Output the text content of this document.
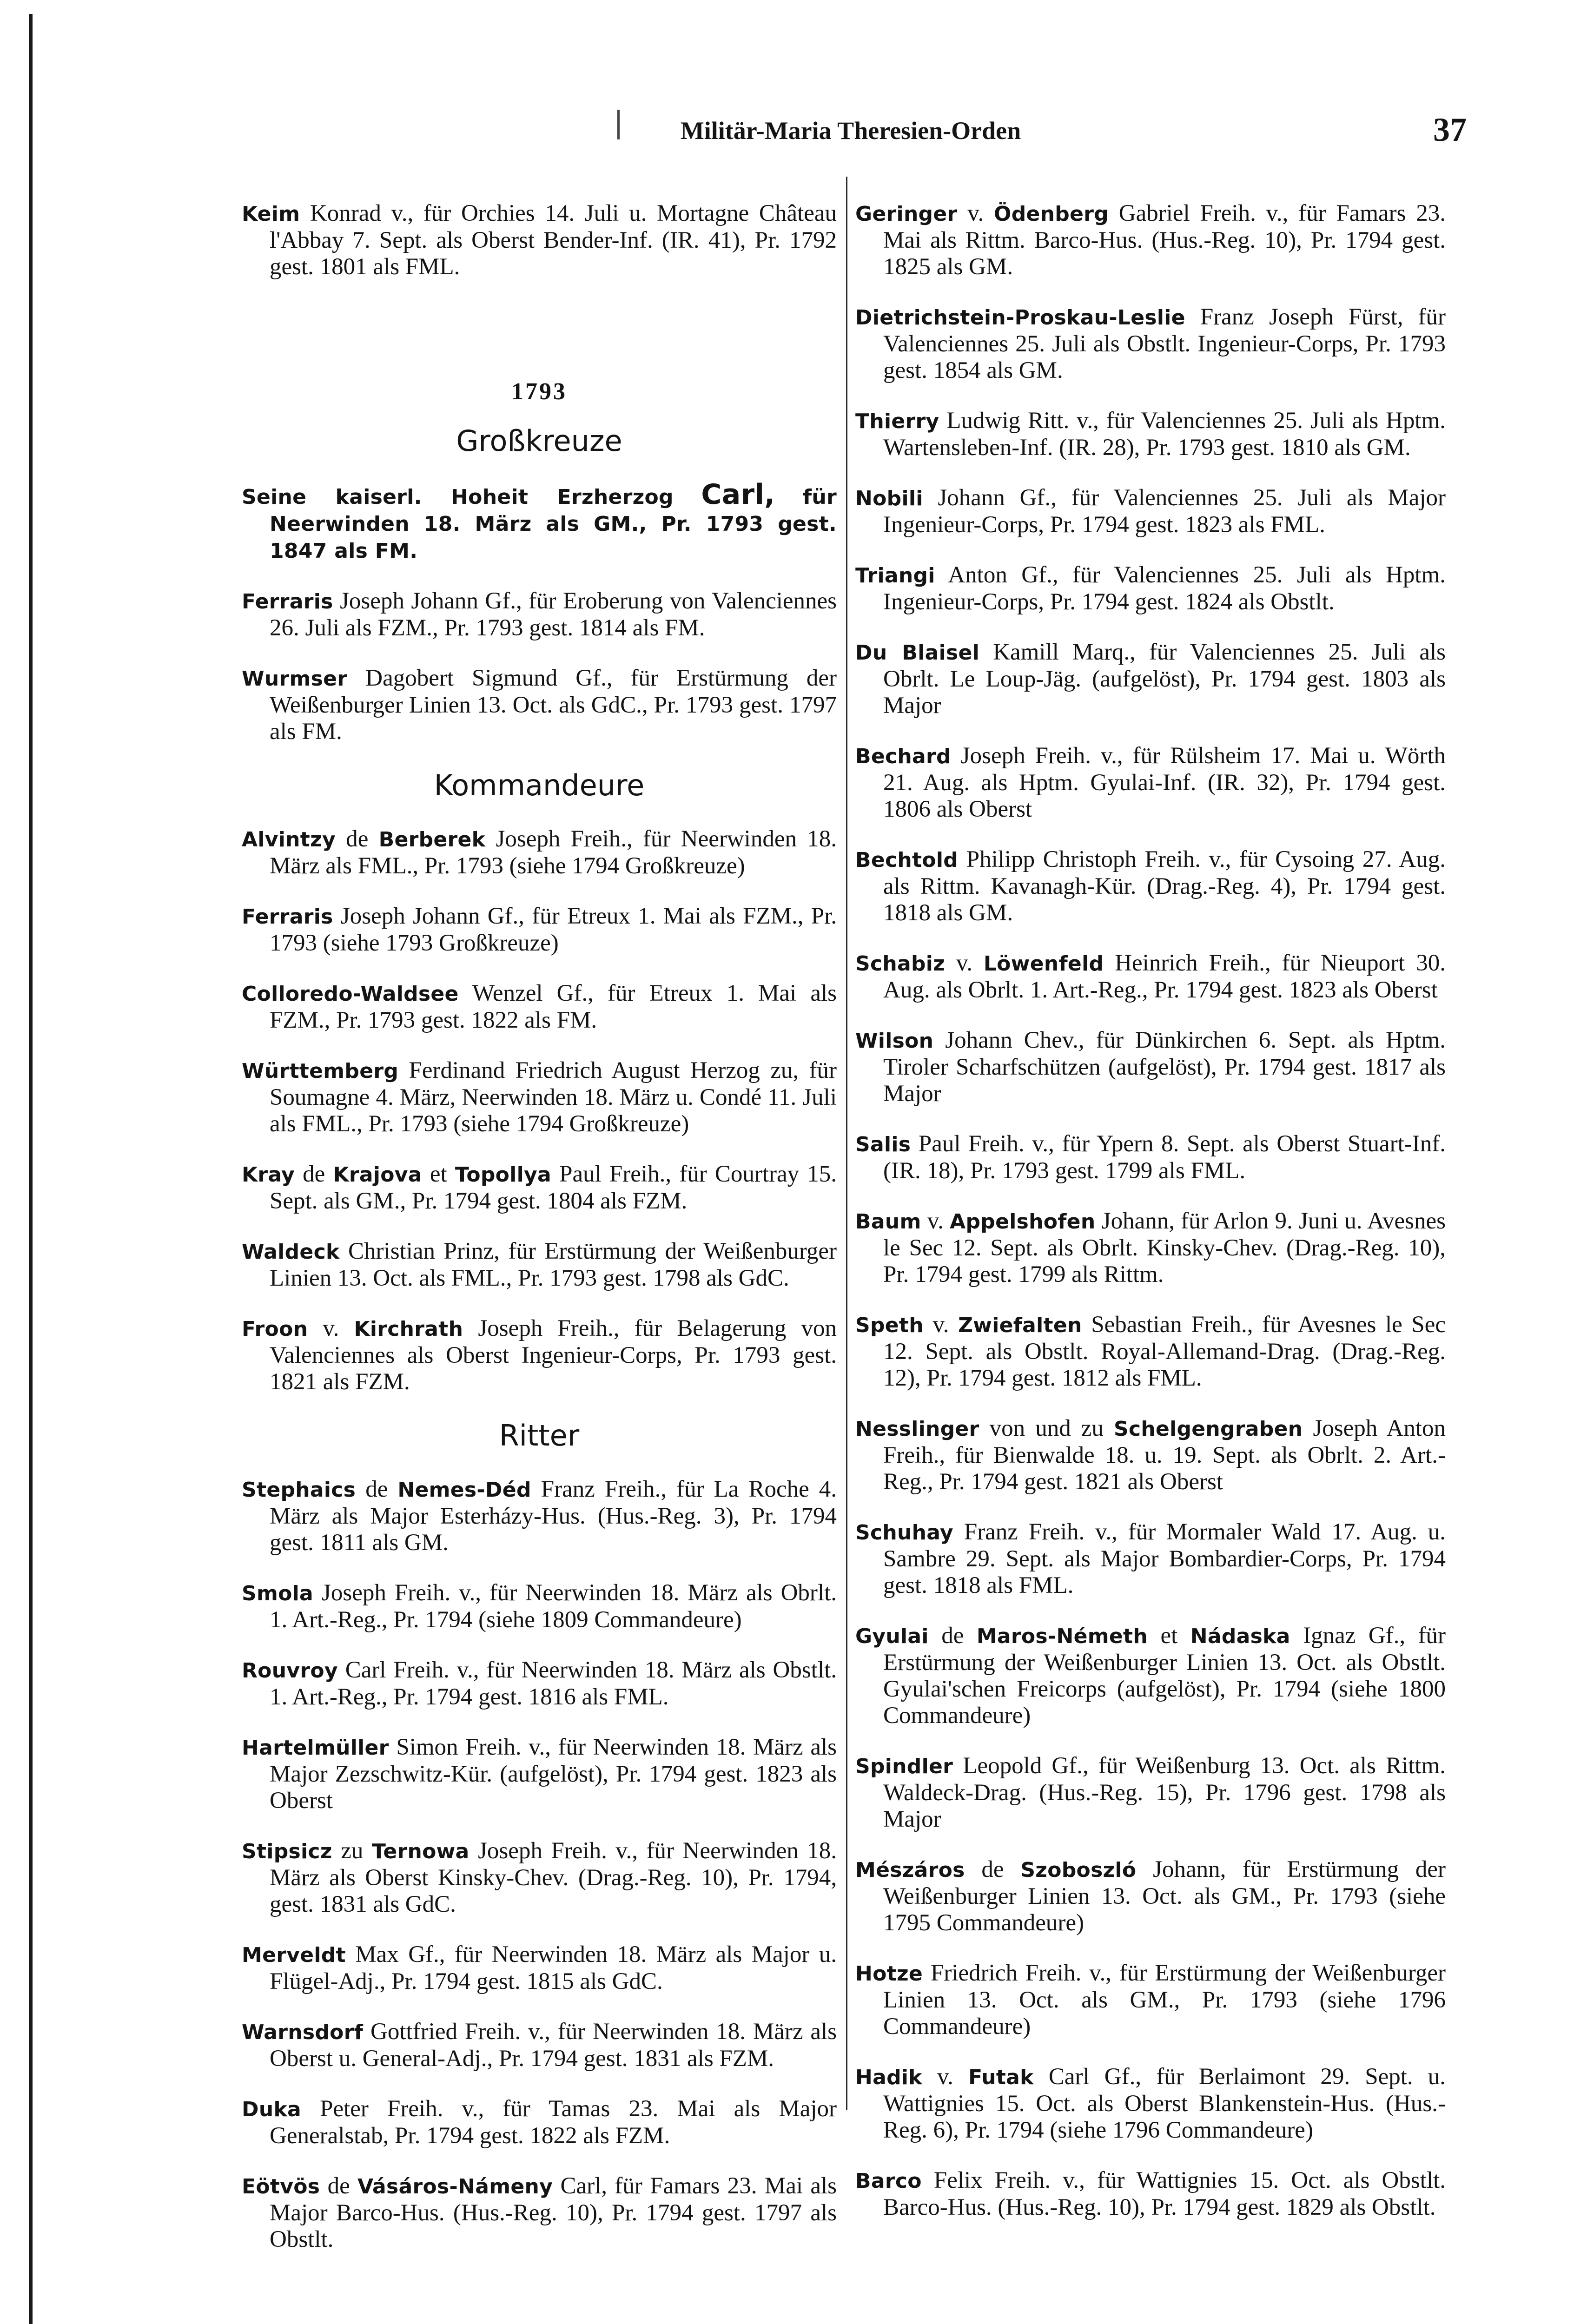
Militär-Maria Theresien-Orden	37

Keim Konrad v., für Orchies 14. Juli u. Mortagne Château l'Abbay 7. Sept. als Oberst Bender-Inf. (IR. 41), Pr. 1792 gest. 1801 als FML.

1793
Großkreuze

Seine kaiserl. Hoheit Erzherzog Carl, für Neerwinden 18. März als GM., Pr. 1793 gest. 1847 als FM.

Ferraris Joseph Johann Gf., für Eroberung von Valenciennes 26. Juli als FZM., Pr. 1793 gest. 1814 als FM.

Wurmser Dagobert Sigmund Gf., für Erstürmung der Weißenburger Linien 13. Oct. als GdC., Pr. 1793 gest. 1797 als FM.

Kommandeure

Alvintzy de Berberek Joseph Freih., für Neerwinden 18. März als FML., Pr. 1793 (siehe 1794 Großkreuze)

Ferraris Joseph Johann Gf., für Etreux 1. Mai als FZM., Pr. 1793 (siehe 1793 Großkreuze)

Colloredo-Waldsee Wenzel Gf., für Etreux 1. Mai als FZM., Pr. 1793 gest. 1822 als FM.

Württemberg Ferdinand Friedrich August Herzog zu, für Soumagne 4. März, Neerwinden 18. März u. Condé 11. Juli als FML., Pr. 1793 (siehe 1794 Großkreuze)

Kray de Krajova et Topollya Paul Freih., für Courtray 15. Sept. als GM., Pr. 1794 gest. 1804 als FZM.

Waldeck Christian Prinz, für Erstürmung der Weißenburger Linien 13. Oct. als FML., Pr. 1793 gest. 1798 als GdC.

Froon v. Kirchrath Joseph Freih., für Belagerung von Valenciennes als Oberst Ingenieur-Corps, Pr. 1793 gest. 1821 als FZM.

Ritter

Stephaics de Nemes-Déd Franz Freih., für La Roche 4. März als Major Esterházy-Hus. (Hus.-Reg. 3), Pr. 1794 gest. 1811 als GM.

Smola Joseph Freih. v., für Neerwinden 18. März als Obrlt. 1. Art.-Reg., Pr. 1794 (siehe 1809 Commandeure)

Rouvroy Carl Freih. v., für Neerwinden 18. März als Obstlt. 1. Art.-Reg., Pr. 1794 gest. 1816 als FML.

Hartelmüller Simon Freih. v., für Neerwinden 18. März als Major Zezschwitz-Kür. (aufgelöst), Pr. 1794 gest. 1823 als Oberst

Stipsicz zu Ternowa Joseph Freih. v., für Neerwinden 18. März als Oberst Kinsky-Chev. (Drag.-Reg. 10), Pr. 1794, gest. 1831 als GdC.

Merveldt Max Gf., für Neerwinden 18. März als Major u. Flügel-Adj., Pr. 1794 gest. 1815 als GdC.

Warnsdorf Gottfried Freih. v., für Neerwinden 18. März als Oberst u. General-Adj., Pr. 1794 gest. 1831 als FZM.

Duka Peter Freih. v., für Tamas 23. Mai als Major Generalstab, Pr. 1794 gest. 1822 als FZM.

Eötvös de Vásáros-Námeny Carl, für Famars 23. Mai als Major Barco-Hus. (Hus.-Reg. 10), Pr. 1794 gest. 1797 als Obstlt.

Geringer v. Ödenberg Gabriel Freih. v., für Famars 23. Mai als Rittm. Barco-Hus. (Hus.-Reg. 10), Pr. 1794 gest. 1825 als GM.

Dietrichstein-Proskau-Leslie Franz Joseph Fürst, für Valenciennes 25. Juli als Obstlt. Ingenieur-Corps, Pr. 1793 gest. 1854 als GM.

Thierry Ludwig Ritt. v., für Valenciennes 25. Juli als Hptm. Wartensleben-Inf. (IR. 28), Pr. 1793 gest. 1810 als GM.

Nobili Johann Gf., für Valenciennes 25. Juli als Major Ingenieur-Corps, Pr. 1794 gest. 1823 als FML.

Triangi Anton Gf., für Valenciennes 25. Juli als Hptm. Ingenieur-Corps, Pr. 1794 gest. 1824 als Obstlt.

Du Blaisel Kamill Marq., für Valenciennes 25. Juli als Obrlt. Le Loup-Jäg. (aufgelöst), Pr. 1794 gest. 1803 als Major

Bechard Joseph Freih. v., für Rülsheim 17. Mai u. Wörth 21. Aug. als Hptm. Gyulai-Inf. (IR. 32), Pr. 1794 gest. 1806 als Oberst

Bechtold Philipp Christoph Freih. v., für Cysoing 27. Aug. als Rittm. Kavanagh-Kür. (Drag.-Reg. 4), Pr. 1794 gest. 1818 als GM.

Schabiz v. Löwenfeld Heinrich Freih., für Nieuport 30. Aug. als Obrlt. 1. Art.-Reg., Pr. 1794 gest. 1823 als Oberst

Wilson Johann Chev., für Dünkirchen 6. Sept. als Hptm. Tiroler Scharfschützen (aufgelöst), Pr. 1794 gest. 1817 als Major

Salis Paul Freih. v., für Ypern 8. Sept. als Oberst Stuart-Inf. (IR. 18), Pr. 1793 gest. 1799 als FML.

Baum v. Appelshofen Johann, für Arlon 9. Juni u. Avesnes le Sec 12. Sept. als Obrlt. Kinsky-Chev. (Drag.-Reg. 10), Pr. 1794 gest. 1799 als Rittm.

Speth v. Zwiefalten Sebastian Freih., für Avesnes le Sec 12. Sept. als Obstlt. Royal-Allemand-Drag. (Drag.-Reg. 12), Pr. 1794 gest. 1812 als FML.

Nesslinger von und zu Schelgengraben Joseph Anton Freih., für Bienwalde 18. u. 19. Sept. als Obrlt. 2. Art.-Reg., Pr. 1794 gest. 1821 als Oberst

Schuhay Franz Freih. v., für Mormaler Wald 17. Aug. u. Sambre 29. Sept. als Major Bombardier-Corps, Pr. 1794 gest. 1818 als FML.

Gyulai de Maros-Németh et Nádaska Ignaz Gf., für Erstürmung der Weißenburger Linien 13. Oct. als Obstlt. Gyulai'schen Freicorps (aufgelöst), Pr. 1794 (siehe 1800 Commandeure)

Spindler Leopold Gf., für Weißenburg 13. Oct. als Rittm. Waldeck-Drag. (Hus.-Reg. 15), Pr. 1796 gest. 1798 als Major

Mészáros de Szoboszló Johann, für Erstürmung der Weißenburger Linien 13. Oct. als GM., Pr. 1793 (siehe 1795 Commandeure)

Hotze Friedrich Freih. v., für Erstürmung der Weißenburger Linien 13. Oct. als GM., Pr. 1793 (siehe 1796 Commandeure)

Hadik v. Futak Carl Gf., für Berlaimont 29. Sept. u. Wattignies 15. Oct. als Oberst Blankenstein-Hus. (Hus.-Reg. 6), Pr. 1794 (siehe 1796 Commandeure)

Barco Felix Freih. v., für Wattignies 15. Oct. als Obstlt. Barco-Hus. (Hus.-Reg. 10), Pr. 1794 gest. 1829 als Obstlt.
